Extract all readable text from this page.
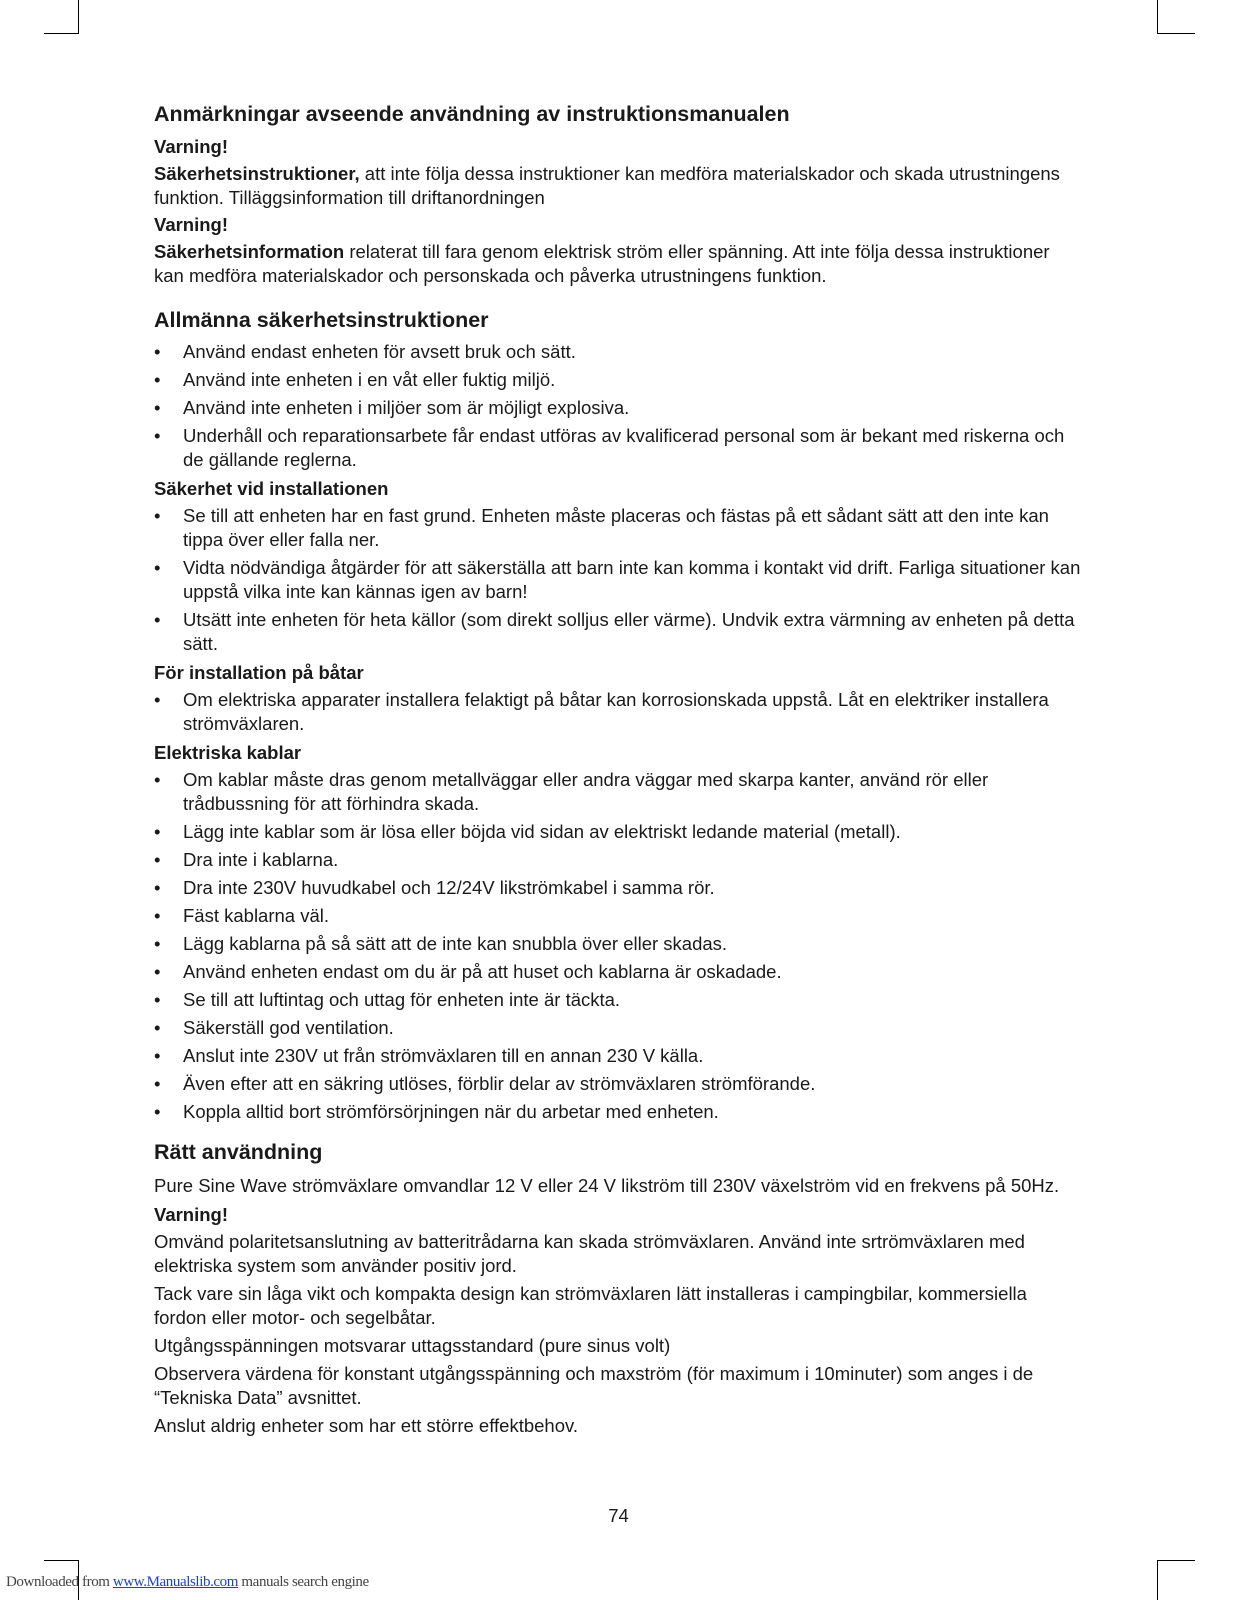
Anmärkningar avseende användning av instruktionsmanualen
Varning!

Säkerhetsinstruktioner, att inte följa dessa instruktioner kan medföra materialskador och skada utrustningens funktion. Tilläggsinformation till driftanordningen

Varning!

Säkerhetsinformation relaterat till fara genom elektrisk ström eller spänning. Att inte följa dessa instruktioner kan medföra materialskador och personskada och påverka utrustningens funktion.

Allmänna säkerhetsinstruktioner
• Använd endast enheten för avsett bruk och sätt.
• Använd inte enheten i en våt eller fuktig miljö.
• Använd inte enheten i miljöer som är möjligt explosiva.
• Underhåll och reparationsarbete får endast utföras av kvalificerad personal som är bekant med riskerna och de gällande reglerna.
Säkerhet vid installationen
• Se till att enheten har en fast grund. Enheten måste placeras och fästas på ett sådant sätt att den inte kan tippa över eller falla ner.
• Vidta nödvändiga åtgärder för att säkerställa att barn inte kan komma i kontakt vid drift. Farliga situationer kan uppstå vilka inte kan kännas igen av barn!
• Utsätt inte enheten för heta källor (som direkt solljus eller värme). Undvik extra värmning av enheten på detta sätt.
För installation på båtar
• Om elektriska apparater installera felaktigt på båtar kan korrosionskada uppstå. Låt en elektriker installera strömväxlaren.
Elektriska kablar
• Om kablar måste dras genom metallväggar eller andra väggar med skarpa kanter, använd rör eller trådbussning för att förhindra skada.
• Lägg inte kablar som är lösa eller böjda vid sidan av elektriskt ledande material (metall).
• Dra inte i kablarna.
• Dra inte 230V huvudkabel och 12/24V likströmkabel i samma rör.
• Fäst kablarna väl.
• Lägg kablarna på så sätt att de inte kan snubbla över eller skadas.
• Använd enheten endast om du är på att huset och kablarna är oskadade.
• Se till att luftintag och uttag för enheten inte är täckta.
• Säkerställ god ventilation.
• Anslut inte 230V ut från strömväxlaren till en annan 230 V källa.
• Även efter att en säkring utlöses, förblir delar av strömväxlaren strömförande.
• Koppla alltid bort strömförsörjningen när du arbetar med enheten.
Rätt användning

Pure Sine Wave strömväxlare omvandlar 12 V eller 24 V likström till 230V växelström vid en frekvens på 50Hz.

Varning!

Omvänd polaritetsanslutning av batteritrådarna kan skada strömväxlaren. Använd inte srtrömväxlaren med elektriska system som använder positiv jord.

Tack vare sin låga vikt och kompakta design kan strömväxlaren lätt installeras i campingbilar, kommersiella fordon eller motor- och segelbåtar.

Utgångsspänningen motsvarar uttagsstandard (pure sinus volt)

Observera värdena för konstant utgångsspänning och maxström (för maximum i 10minuter) som anges i de “Tekniska Data” avsnittet.

Anslut aldrig enheter som har ett större effektbehov.

74
Downloaded from www.Manualslib.com manuals search engine
